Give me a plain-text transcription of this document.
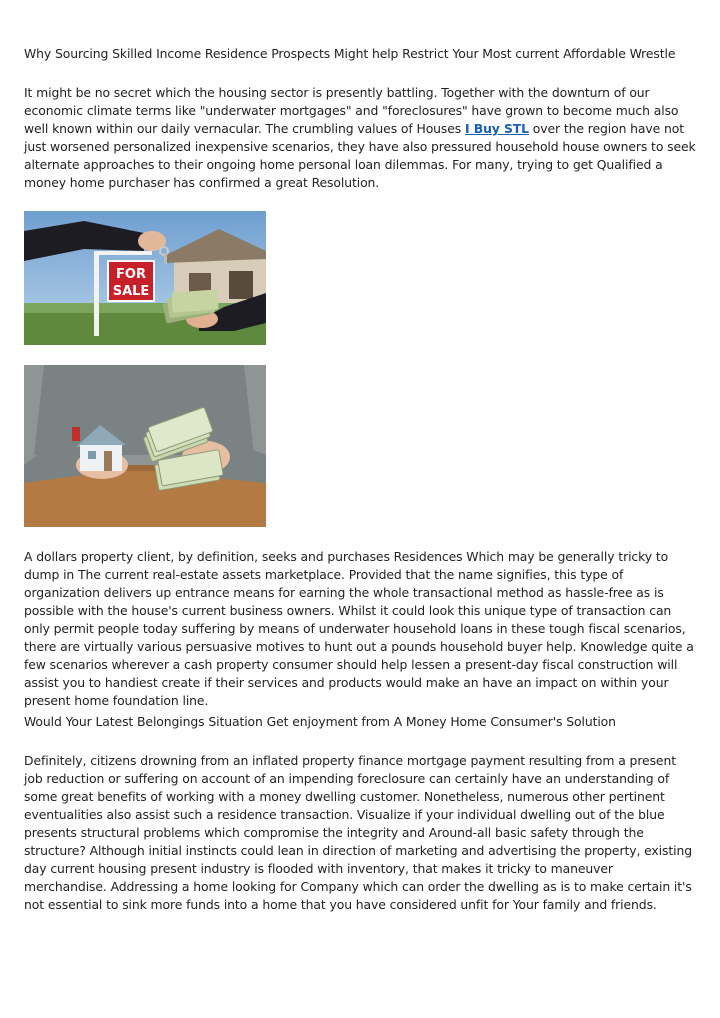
Why Sourcing Skilled Income Residence Prospects Might help Restrict Your Most current Affordable Wrestle

It might be no secret which the housing sector is presently battling. Together with the downturn of our economic climate terms like "underwater mortgages" and "foreclosures" have grown to become much also well known within our daily vernacular. The crumbling values of Houses I Buy STL over the region have not just worsened personalized inexpensive scenarios, they have also pressured household house owners to seek alternate approaches to their ongoing home personal loan dilemmas. For many, trying to get Qualified a money home purchaser has confirmed a great Resolution.

FOR
SALE

A dollars property client, by definition, seeks and purchases Residences Which may be generally tricky to dump in The current real-estate assets marketplace. Provided that the name signifies, this type of organization delivers up entrance means for earning the whole transactional method as hassle-free as is possible with the house's current business owners. Whilst it could look this unique type of transaction can only permit people today suffering by means of underwater household loans in these tough fiscal scenarios, there are virtually various persuasive motives to hunt out a pounds household buyer help. Knowledge quite a few scenarios wherever a cash property consumer should help lessen a present-day fiscal construction will assist you to handiest create if their services and products would make an have an impact on within your present home foundation line.

Would Your Latest Belongings Situation Get enjoyment from A Money Home Consumer's Solution

Definitely, citizens drowning from an inflated property finance mortgage payment resulting from a present job reduction or suffering on account of an impending foreclosure can certainly have an understanding of some great benefits of working with a money dwelling customer. Nonetheless, numerous other pertinent eventualities also assist such a residence transaction. Visualize if your individual dwelling out of the blue presents structural problems which compromise the integrity and Around-all basic safety through the structure? Although initial instincts could lean in direction of marketing and advertising the property, existing day current housing present industry is flooded with inventory, that makes it tricky to maneuver merchandise. Addressing a home looking for Company which can order the dwelling as is to make certain it's not essential to sink more funds into a home that you have considered unfit for Your family and friends.
